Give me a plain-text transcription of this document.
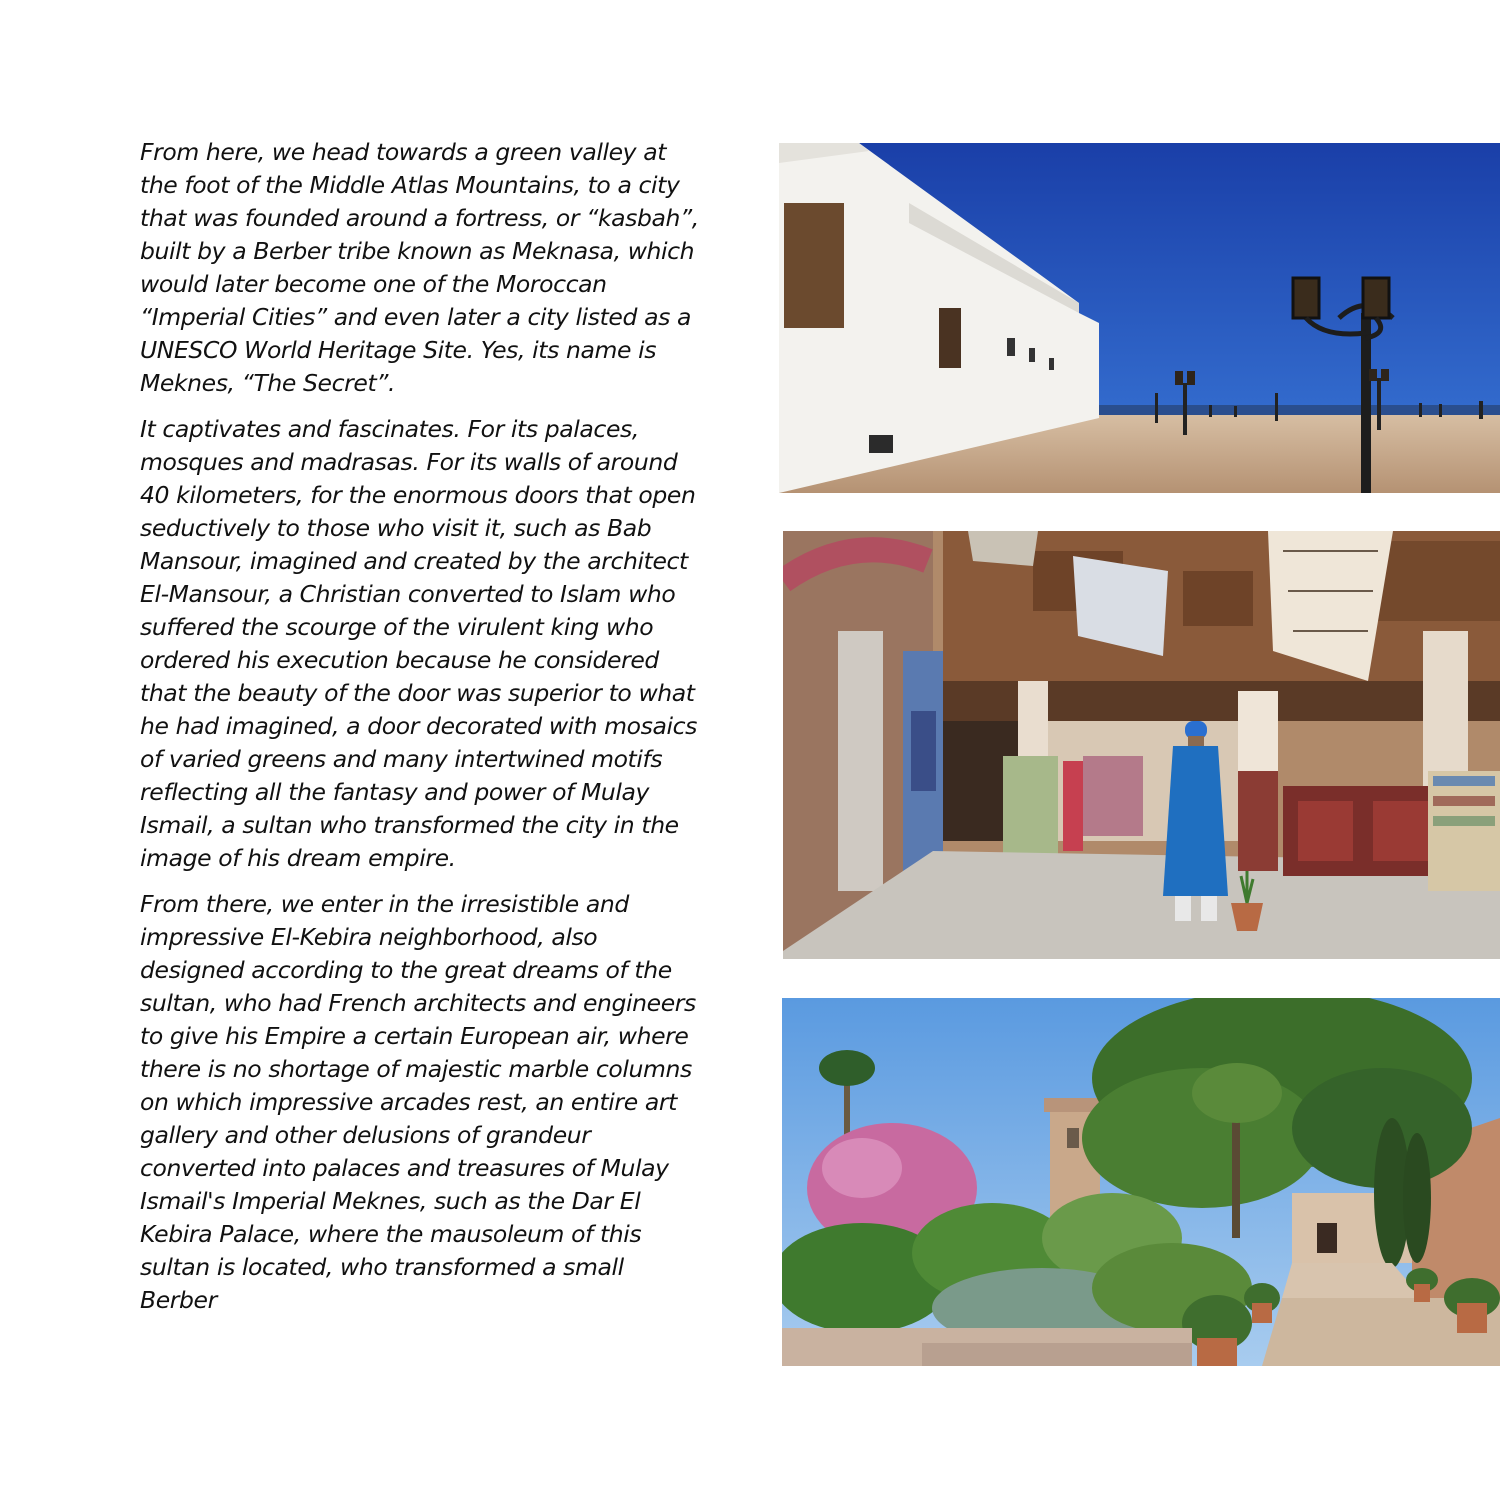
From here, we head towards a green valley at the foot of the Middle Atlas Mountains, to a city that was founded around a fortress, or “kasbah”, built by a Berber tribe known as Meknasa, which would later become one of the Moroccan “Imperial Cities” and even later a city listed as a UNESCO World Heritage Site. Yes, its name is Meknes, “The Secret”.

It captivates and fascinates. For its palaces, mosques and madrasas. For its walls of around 40 kilometers, for the enormous doors that open seductively to those who visit it, such as Bab Mansour, imagined and created by the architect El-Mansour, a Christian converted to Islam who suffered the scourge of the virulent king who ordered his execution because he considered that the beauty of the door was superior to what he had imagined, a door decorated with mosaics of varied greens and many intertwined motifs reflecting all the fantasy and power of Mulay Ismail, a sultan who transformed the city in the image of his dream empire.

From there, we enter in the irresistible and impressive El-Kebira neighborhood, also designed according to the great dreams of the sultan, who had French architects and engineers to give his Empire a certain European air, where there is no shortage of majestic marble columns on which impressive arcades rest, an entire art gallery and other delusions of grandeur converted into palaces and treasures of Mulay Ismail's Imperial Meknes, such as the Dar El Kebira Palace, where the mausoleum of this sultan is located, who transformed a small Berber
